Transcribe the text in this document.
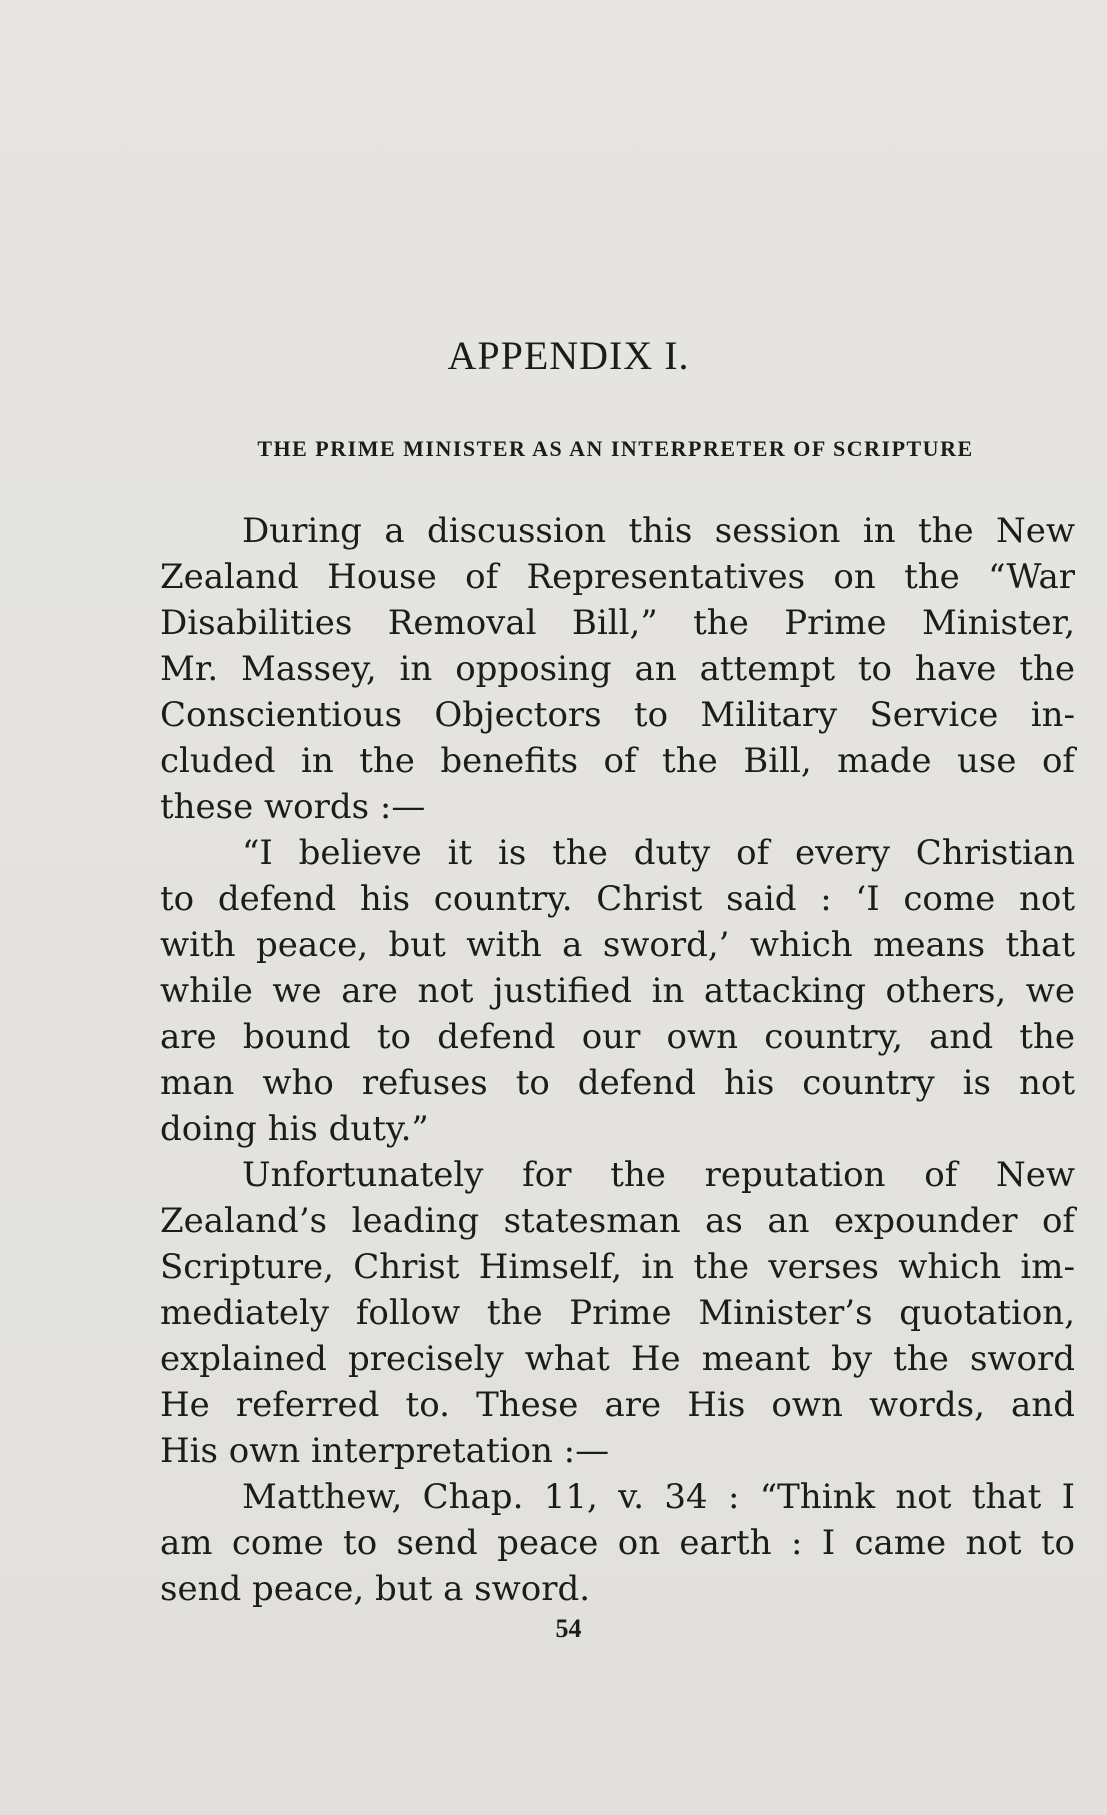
APPENDIX I.
THE PRIME MINISTER AS AN INTERPRETER OF SCRIPTURE
During a discussion this session in the New
Zealand House of Representatives on the “War
Disabilities Removal Bill,” the Prime Minister,
Mr. Massey, in opposing an attempt to have the
Conscientious Objectors to Military Service in-
cluded in the benefits of the Bill, made use of
these words :—
“I believe it is the duty of every Christian
to defend his country. Christ said : ‘I come not
with peace, but with a sword,’ which means that
while we are not justified in attacking others, we
are bound to defend our own country, and the
man who refuses to defend his country is not
doing his duty.”
Unfortunately for the reputation of New
Zealand’s leading statesman as an expounder of
Scripture, Christ Himself, in the verses which im-
mediately follow the Prime Minister’s quotation,
explained precisely what He meant by the sword
He referred to. These are His own words, and
His own interpretation :—
Matthew, Chap. 11, v. 34 : “Think not that I
am come to send peace on earth : I came not to
send peace, but a sword.
54
